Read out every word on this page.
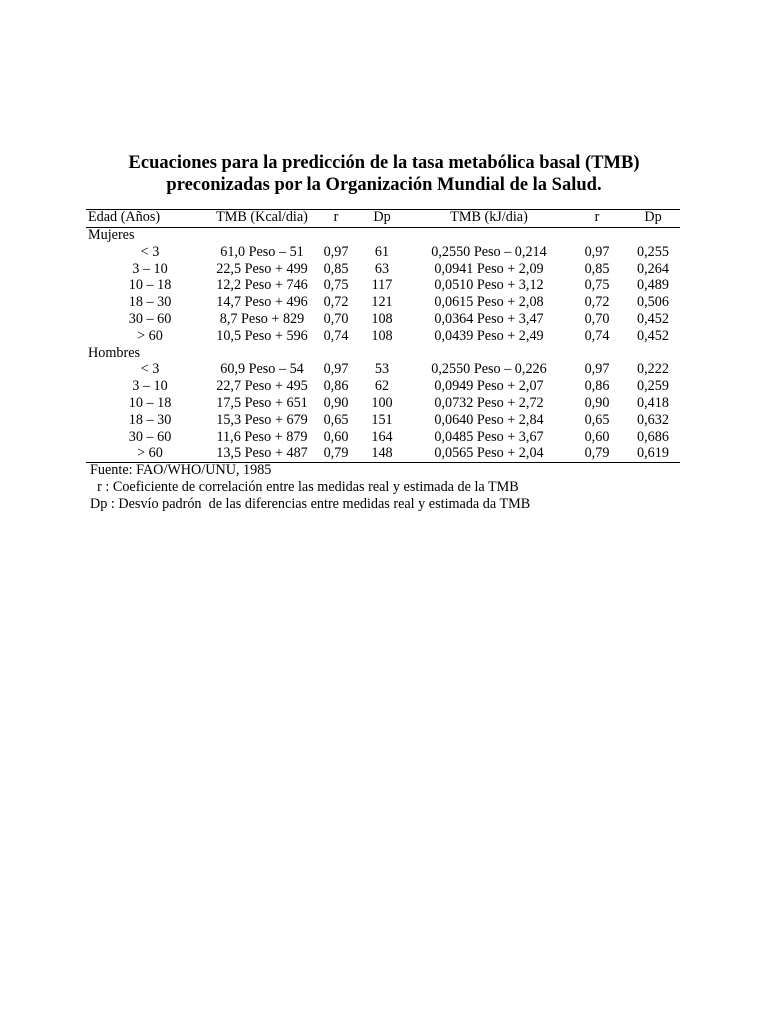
Ecuaciones para la predicción de la tasa metabólica basal (TMB)
preconizadas por la Organización Mundial de la Salud.
Edad (Años)	TMB (Kcal/dia)	r	Dp	TMB (kJ/dia)	r	Dp
Mujeres
< 3	61,0 Peso – 51	0,97	61	0,2550 Peso – 0,214	0,97	0,255
3 – 10	22,5 Peso + 499	0,85	63	0,0941 Peso + 2,09	0,85	0,264
10 – 18	12,2 Peso + 746	0,75	117	0,0510 Peso + 3,12	0,75	0,489
18 – 30	14,7 Peso + 496	0,72	121	0,0615 Peso + 2,08	0,72	0,506
30 – 60	8,7 Peso + 829	0,70	108	0,0364 Peso + 3,47	0,70	0,452
> 60	10,5 Peso + 596	0,74	108	0,0439 Peso + 2,49	0,74	0,452
Hombres
< 3	60,9 Peso – 54	0,97	53	0,2550 Peso – 0,226	0,97	0,222
3 – 10	22,7 Peso + 495	0,86	62	0,0949 Peso + 2,07	0,86	0,259
10 – 18	17,5 Peso + 651	0,90	100	0,0732 Peso + 2,72	0,90	0,418
18 – 30	15,3 Peso + 679	0,65	151	0,0640 Peso + 2,84	0,65	0,632
30 – 60	11,6 Peso + 879	0,60	164	0,0485 Peso + 3,67	0,60	0,686
> 60	13,5 Peso + 487	0,79	148	0,0565 Peso + 2,04	0,79	0,619
Fuente: FAO/WHO/UNU, 1985
r : Coeficiente de correlación entre las medidas real y estimada de la TMB
Dp : Desvío padrón  de las diferencias entre medidas real y estimada da TMB
